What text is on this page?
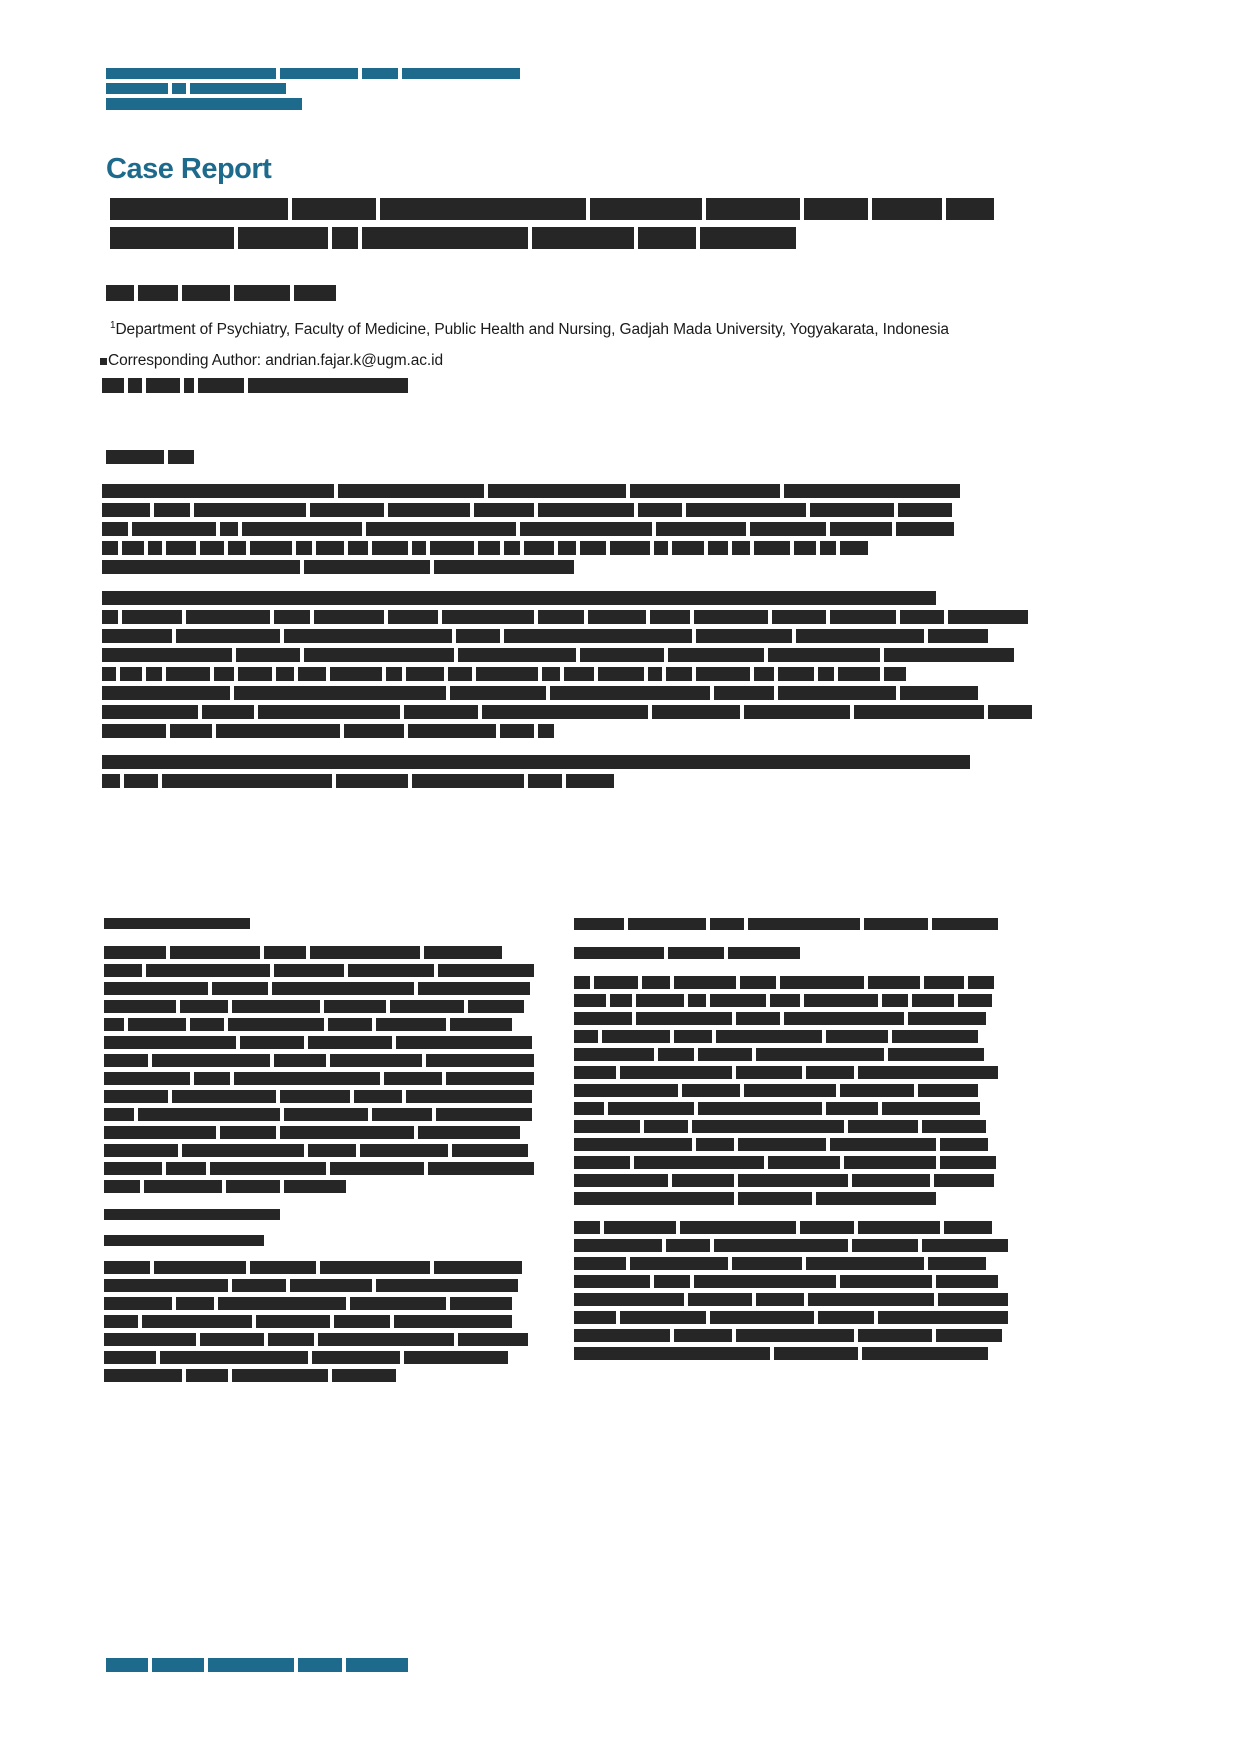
Case Report
$^1$Department of Psychiatry, Faculty of Medicine, Public Health and Nursing, Gadjah Mada University, Yogyakarata, Indonesia
Corresponding Author: andrian.fajar.k@ugm.ac.id
